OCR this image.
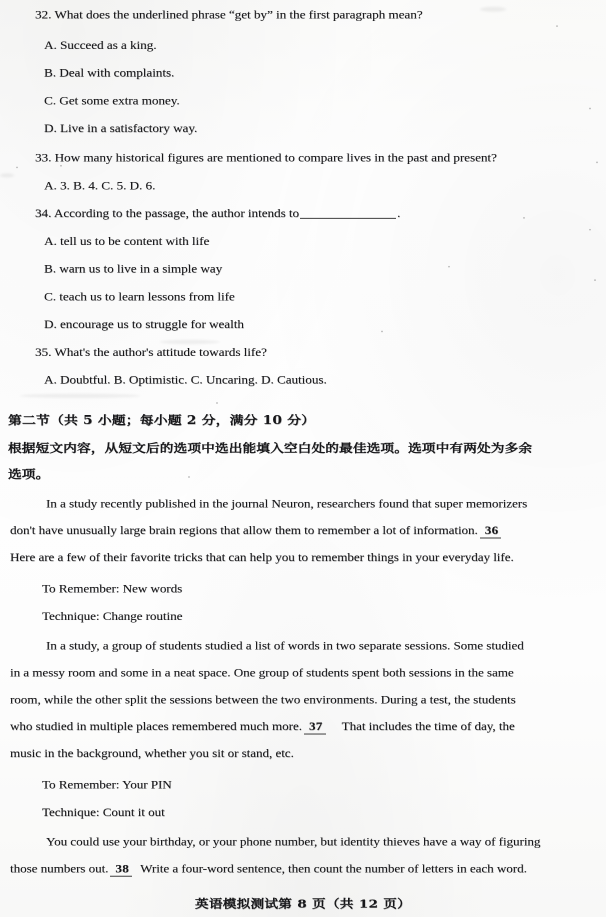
32. What does the underlined phrase “get by” in the first paragraph mean?
A. Succeed as a king.
B. Deal with complaints.
C. Get some extra money.
D. Live in a satisfactory way.
33. How many historical figures are mentioned to compare lives in the past and present?
A. 3. B. 4. C. 5. D. 6.
34. According to the passage, the author intends to	.
A. tell us to be content with life
B. warn us to live in a simple way
C. teach us to learn lessons from life
D. encourage us to struggle for wealth
35. What's the author's attitude towards life?
A. Doubtful. B. Optimistic. C. Uncaring. D. Cautious.
第二节（共 5 小题；每小题 2 分，满分 10 分）
根据短文内容，从短文后的选项中选出能填入空白处的最佳选项。选项中有两处为多余
选项。
In a study recently published in the journal Neuron, researchers found that super memorizers
don't have unusually large brain regions that allow them to remember a lot of information. 36
Here are a few of their favorite tricks that can help you to remember things in your everyday life.
To Remember: New words
Technique: Change routine
In a study, a group of students studied a list of words in two separate sessions. Some studied
in a messy room and some in a neat space. One group of students spent both sessions in the same
room, while the other split the sessions between the two environments. During a test, the students
who studied in multiple places remembered much more. 37 That includes the time of day, the
music in the background, whether you sit or stand, etc.
To Remember: Your PIN
Technique: Count it out
You could use your birthday, or your phone number, but identity thieves have a way of figuring
those numbers out. 38 Write a four-word sentence, then count the number of letters in each word.
英语模拟测试第 8 页（共 12 页）
